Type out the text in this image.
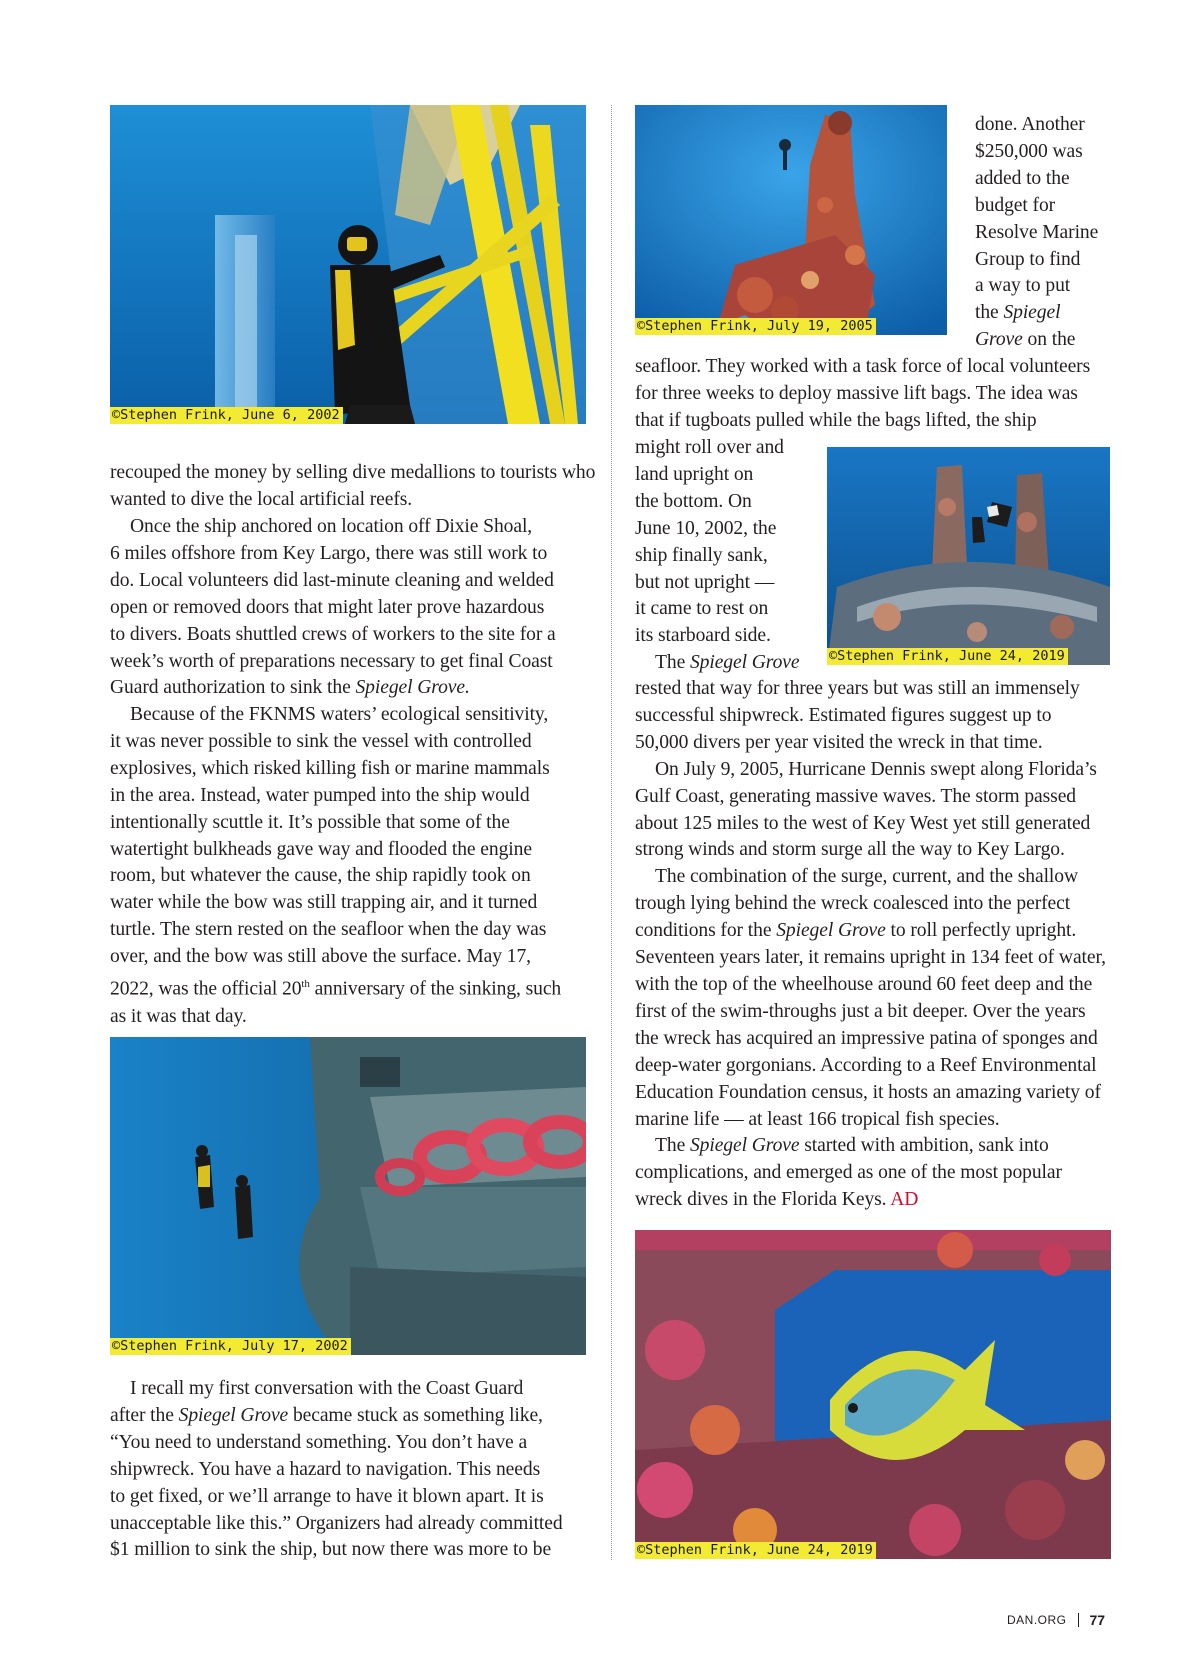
©Stephen Frink, June 6, 2002
©Stephen Frink, July 19, 2005
©Stephen Frink, June 24, 2019
©Stephen Frink, July 17, 2002
©Stephen Frink, June 24, 2019
recouped the money by selling dive medallions to tourists who
wanted to dive the local artificial reefs.
Once the ship anchored on location off Dixie Shoal,
6 miles offshore from Key Largo, there was still work to
do. Local volunteers did last-minute cleaning and welded
open or removed doors that might later prove hazardous
to divers. Boats shuttled crews of workers to the site for a
week’s worth of preparations necessary to get final Coast
Guard authorization to sink the Spiegel Grove.
Because of the FKNMS waters’ ecological sensitivity,
it was never possible to sink the vessel with controlled
explosives, which risked killing fish or marine mammals
in the area. Instead, water pumped into the ship would
intentionally scuttle it. It’s possible that some of the
watertight bulkheads gave way and flooded the engine
room, but whatever the cause, the ship rapidly took on
water while the bow was still trapping air, and it turned
turtle. The stern rested on the seafloor when the day was
over, and the bow was still above the surface. May 17,
2022, was the official 20th anniversary of the sinking, such
as it was that day.
I recall my first conversation with the Coast Guard
after the Spiegel Grove became stuck as something like,
“You need to understand something. You don’t have a
shipwreck. You have a hazard to navigation. This needs
to get fixed, or we’ll arrange to have it blown apart. It is
unacceptable like this.” Organizers had already committed
$1 million to sink the ship, but now there was more to be
done. Another
$250,000 was
added to the
budget for
Resolve Marine
Group to find
a way to put
the Spiegel
Grove on the
seafloor. They worked with a task force of local volunteers
for three weeks to deploy massive lift bags. The idea was
that if tugboats pulled while the bags lifted, the ship
might roll over and
land upright on
the bottom. On
June 10, 2002, the
ship finally sank,
but not upright —
it came to rest on
its starboard side.
The Spiegel Grove
rested that way for three years but was still an immensely
successful shipwreck. Estimated figures suggest up to
50,000 divers per year visited the wreck in that time.
On July 9, 2005, Hurricane Dennis swept along Florida’s
Gulf Coast, generating massive waves. The storm passed
about 125 miles to the west of Key West yet still generated
strong winds and storm surge all the way to Key Largo.
The combination of the surge, current, and the shallow
trough lying behind the wreck coalesced into the perfect
conditions for the Spiegel Grove to roll perfectly upright.
Seventeen years later, it remains upright in 134 feet of water,
with the top of the wheelhouse around 60 feet deep and the
first of the swim-throughs just a bit deeper. Over the years
the wreck has acquired an impressive patina of sponges and
deep-water gorgonians. According to a Reef Environmental
Education Foundation census, it hosts an amazing variety of
marine life — at least 166 tropical fish species.
The Spiegel Grove started with ambition, sank into
complications, and emerged as one of the most popular
wreck dives in the Florida Keys. AD
DAN.ORG 77
